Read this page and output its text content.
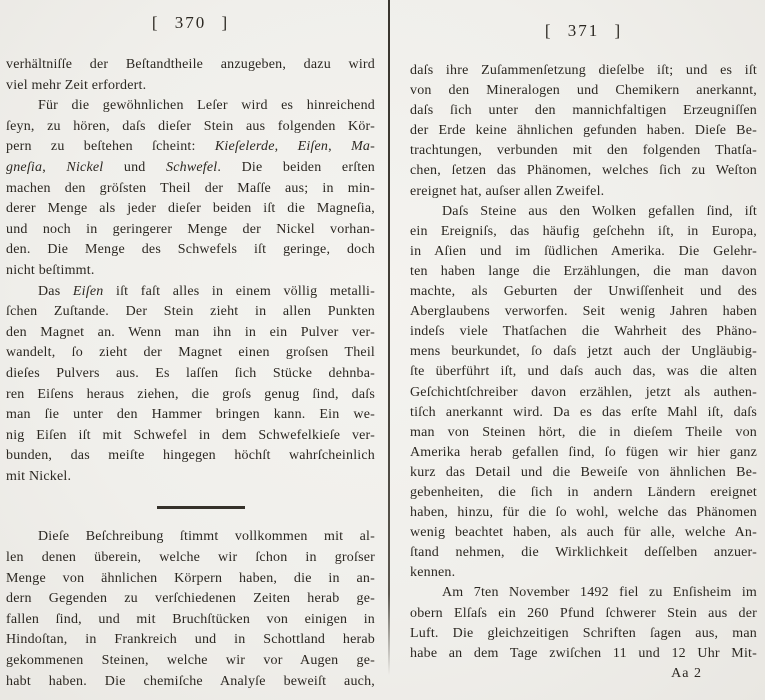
[ 370 ]
verhältniſſe der Beſtandtheile anzugeben, dazu wird
viel mehr Zeit erfordert.
Für die gewöhnlichen Leſer wird es hinreichend
ſeyn, zu hören, daſs dieſer Stein aus folgenden Kör-
pern zu beſtehen ſcheint: Kieſelerde, Eiſen, Ma-
gneſia, Nickel und Schwefel. Die beiden erſten
machen den gröſsten Theil der Maſſe aus; in min-
derer Menge als jeder dieſer beiden iſt die Magneſia,
und noch in geringerer Menge der Nickel vorhan-
den. Die Menge des Schwefels iſt geringe, doch
nicht beſtimmt.
Das Eiſen iſt faſt alles in einem völlig metalli-
ſchen Zuſtande. Der Stein zieht in allen Punkten
den Magnet an. Wenn man ihn in ein Pulver ver-
wandelt, ſo zieht der Magnet einen groſsen Theil
dieſes Pulvers aus. Es laſſen ſich Stücke dehnba-
ren Eiſens heraus ziehen, die groſs genug ſind, daſs
man ſie unter den Hammer bringen kann. Ein we-
nig Eiſen iſt mit Schwefel in dem Schwefelkieſe ver-
bunden, das meiſte hingegen höchſt wahrſcheinlich
mit Nickel.
Dieſe Beſchreibung ſtimmt vollkommen mit al-
len denen überein, welche wir ſchon in groſser
Menge von ähnlichen Körpern haben, die in an-
dern Gegenden zu verſchiedenen Zeiten herab ge-
fallen ſind, und mit Bruchſtücken von einigen in
Hindoſtan, in Frankreich und in Schottland herab
gekommenen Steinen, welche wir vor Augen ge-
habt haben. Die chemiſche Analyſe beweiſt auch,
[ 371 ]
daſs ihre Zuſammenſetzung dieſelbe iſt; und es iſt
von den Mineralogen und Chemikern anerkannt,
daſs ſich unter den mannichfaltigen Erzeugniſſen
der Erde keine ähnlichen gefunden haben. Dieſe Be-
trachtungen, verbunden mit den folgenden Thatſa-
chen, ſetzen das Phänomen, welches ſich zu Weſton
ereignet hat, auſser allen Zweifel.
Daſs Steine aus den Wolken gefallen ſind, iſt
ein Ereigniſs, das häufig geſchehn iſt, in Europa,
in Aſien und im ſüdlichen Amerika. Die Gelehr-
ten haben lange die Erzählungen, die man davon
machte, als Geburten der Unwiſſenheit und des
Aberglaubens verworfen. Seit wenig Jahren haben
indeſs viele Thatſachen die Wahrheit des Phäno-
mens beurkundet, ſo daſs jetzt auch der Ungläubig-
ſte überführt iſt, und daſs auch das, was die alten
Geſchichtſchreiber davon erzählen, jetzt als authen-
tiſch anerkannt wird. Da es das erſte Mahl iſt, daſs
man von Steinen hört, die in dieſem Theile von
Amerika herab gefallen ſind, ſo fügen wir hier ganz
kurz das Detail und die Beweiſe von ähnlichen Be-
gebenheiten, die ſich in andern Ländern ereignet
haben, hinzu, für die ſo wohl, welche das Phänomen
wenig beachtet haben, als auch für alle, welche An-
ſtand nehmen, die Wirklichkeit deſſelben anzuer-
kennen.
Am 7ten November 1492 fiel zu Enſisheim im
obern Elſaſs ein 260 Pfund ſchwerer Stein aus der
Luft. Die gleichzeitigen Schriften ſagen aus, man
habe an dem Tage zwiſchen 11 und 12 Uhr Mit-
Aa 2
